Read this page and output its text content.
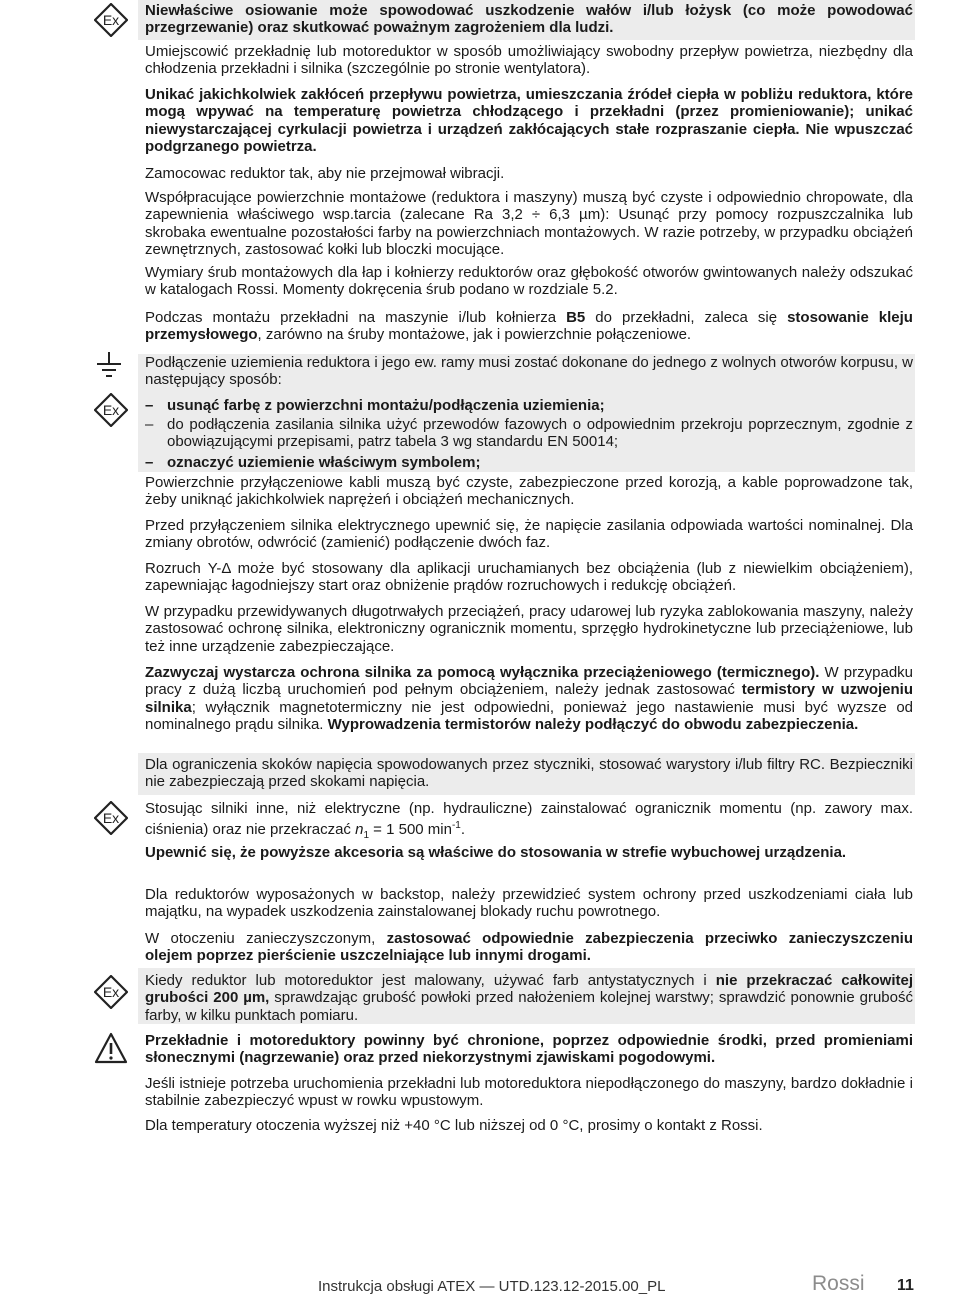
Ex
Ex
Ex
Ex

Niewłaściwe osiowanie może spowodować uszkodzenie wałów i/lub łożysk (co może powodować przegrzewanie) oraz skutkować poważnym zagrożeniem dla ludzi.

Umiejscowić przekładnię lub motoreduktor w sposób umożliwiający swobodny przepływ powietrza, niezbędny dla chłodzenia przekładni i silnika (szczególnie po stronie wentylatora).

Unikać jakichkolwiek zakłóceń przepływu powietrza, umieszczania źródeł ciepła w pobliżu reduktora, które mogą wpywać na temperaturę powietrza chłodzącego i przekładni (przez promieniowanie); unikać niewystarczającej cyrkulacji powietrza i urządzeń zakłócających stałe rozpraszanie ciepła. Nie wpuszczać podgrzanego powietrza.

Zamocowac reduktor tak, aby nie przejmował wibracji.

Współpracujące powierzchnie montażowe (reduktora i maszyny) muszą być czyste i odpowiednio chropowate, dla zapewnienia właściwego wsp.tarcia (zalecane Ra 3,2 ÷ 6,3 µm): Usunąć przy pomocy rozpuszczalnika lub skrobaka ewentualne pozostałości farby na powierzchniach montażowych. W razie potrzeby, w przypadku obciążeń zewnętrznych, zastosować kołki lub bloczki mocujące.

Wymiary śrub montażowych dla łap i kołnierzy reduktorów oraz głębokość otworów gwintowanych należy odszukać w katalogach Rossi. Momenty dokręcenia śrub podano w rozdziale 5.2.

Podczas montażu przekładni na maszynie i/lub kołnierza B5 do przekładni, zaleca się stosowanie kleju przemysłowego, zarówno na śruby montażowe, jak i powierzchnie połączeniowe.

Podłączenie uziemienia reduktora i jego ew. ramy musi zostać dokonane do jednego z wolnych otworów korpusu, w następujący sposób:

– usunąć farbę z powierzchni montażu/podłączenia uziemienia;
– do podłączenia zasilania silnika użyć przewodów fazowych o odpowiednim przekroju poprzecznym, zgodnie z obowiązującymi przepisami, patrz tabela 3 wg standardu EN 50014;
– oznaczyć uziemienie właściwym symbolem;

Powierzchnie przyłączeniowe kabli muszą być czyste, zabezpieczone przed korozją, a kable poprowadzone tak, żeby uniknąć jakichkolwiek naprężeń i obciążeń mechanicznych.

Przed przyłączeniem silnika elektrycznego upewnić się, że napięcie zasilania odpowiada wartości nominalnej. Dla zmiany obrotów, odwrócić (zamienić) podłączenie dwóch faz.

Rozruch Y-Δ może być stosowany dla aplikacji uruchamianych bez obciążenia (lub z niewielkim obciążeniem), zapewniając łagodniejszy start oraz obniżenie prądów rozruchowych i redukcję obciążeń.

W przypadku przewidywanych długotrwałych przeciążeń, pracy udarowej lub ryzyka zablokowania maszyny, należy zastosować ochronę silnika, elektroniczny ogranicznik momentu, sprzęgło hydrokinetyczne lub przeciążeniowe, lub też inne urządzenie zabezpieczające.

Zazwyczaj wystarcza ochrona silnika za pomocą wyłącznika przeciążeniowego (termicznego). W przypadku pracy z dużą liczbą uruchomień pod pełnym obciążeniem, należy jednak zastosować termistory w uzwojeniu silnika; wyłącznik magnetotermiczny nie jest odpowiedni, ponieważ jego nastawienie musi być wyzsze od nominalnego prądu silnika. Wyprowadzenia termistorów należy podłączyć do obwodu zabezpieczenia.

Dla ograniczenia skoków napięcia spowodowanych przez styczniki, stosować warystory i/lub filtry RC. Bezpieczniki nie zabezpieczają przed skokami napięcia.

Stosując silniki inne, niż elektryczne (np. hydrauliczne) zainstalować ogranicznik momentu (np. zawory max. ciśnienia) oraz nie przekraczać $n_1 = 1$ 500 $\min^{-1}$.

Upewnić się, że powyższe akcesoria są właściwe do stosowania w strefie wybuchowej urządzenia.

Dla reduktorów wyposażonych w backstop, należy przewidzieć system ochrony przed uszkodzeniami ciała lub majątku, na wypadek uszkodzenia zainstalowanej blokady ruchu powrotnego.

W otoczeniu zanieczyszczonym, zastosować odpowiednie zabezpieczenia przeciwko zanieczyszczeniu olejem poprzez pierścienie uszczelniające lub innymi drogami.

Kiedy reduktor lub motoreduktor jest malowany, używać farb antystatycznych i nie przekraczać całkowitej grubości 200 µm, sprawdzając grubość powłoki przed nałożeniem kolejnej warstwy; sprawdzić ponownie grubość farby, w kilku punktach pomiaru.

Przekładnie i motoreduktory powinny być chronione, poprzez odpowiednie środki, przed promieniami słonecznymi (nagrzewanie) oraz przed niekorzystnymi zjawiskami pogodowymi.

Jeśli istnieje potrzeba uruchomienia przekładni lub motoreduktora niepodłączonego do maszyny, bardzo dokładnie i stabilnie zabezpieczyć wpust w rowku wpustowym.

Dla temperatury otoczenia wyższej niż +40 °C lub niższej od 0 °C, prosimy o kontakt z Rossi.

Instrukcja obsługi ATEX — UTD.123.12-2015.00_PL	Rossi 11
